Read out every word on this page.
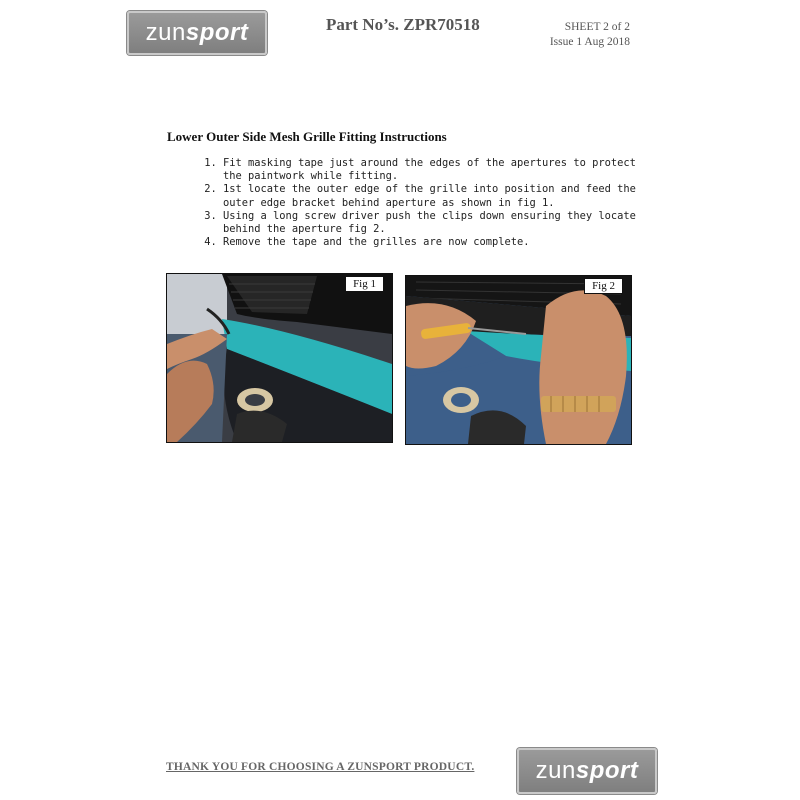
zun sport	Part No’s. ZPR70518	SHEET 2 of 2
Issue 1 Aug 2018
Lower Outer Side Mesh Grille Fitting Instructions
1. Fit masking tape just around the edges of the apertures to protect the paintwork while fitting.
2. 1st locate the outer edge of the grille into position and feed the outer edge bracket behind aperture as shown in fig 1.
3. Using a long screw driver push the clips down ensuring they locate behind the aperture fig 2.
4. Remove the tape and the grilles are now complete.
Fig 1	Fig 2
THANK YOU FOR CHOOSING A ZUNSPORT PRODUCT.	zun sport
